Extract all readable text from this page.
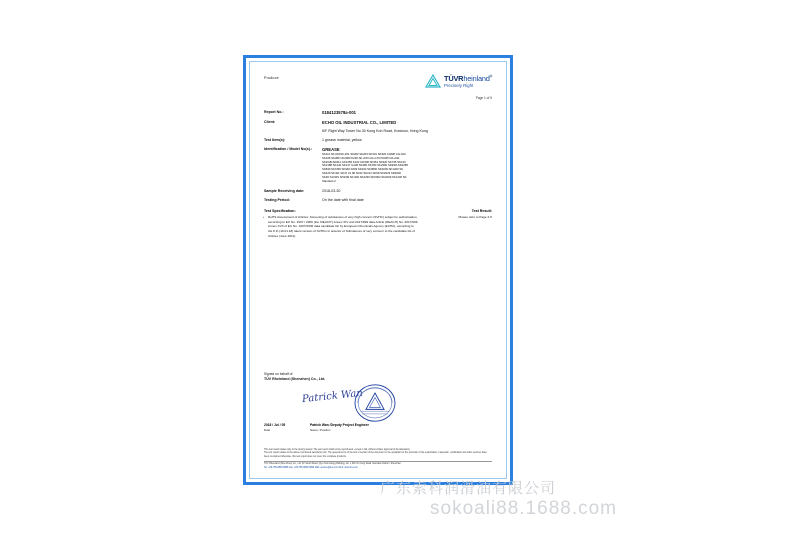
Produce	TÜVRheinland®
Precisely Right
Page 1 of 5
Report No.:	0184123578a-001
Client:	ECHO OIL INDUSTRIAL CO., LIMITED
6/F Right Way Tower No.30 Kong Koh Road, Kowloon, Hong Kong
Test Item(s):	1 grease material, yellow
Identification / Model No(s).:	GREASE
SK111 SK-016SK-201 SK202 SK203 SK301 SK320 CHMP CH-320
SK226 SK280 CK2000 K230 SK+150 GK+170 K0045 GK+611
SK2/181SK911 GK1255 K102 GK308 SK351 SK920 SK735 SK133
SK2188 SK140 SK147 G128 SK480 SK780 SK2360 SK9/9A SK2285
SK830 SK9 B9 SK940 K009 SK200 SK0800 SK2009 SK1200 SK
SK420 SK421 SK47 21 08 SK22 SK131 SK68 SK2033 SK6600
SK30 S1URS SK9/09 SK-900 SK2290 SK0002 SK2009 SK1200 SK
Standard 2
Sample Receiving date:	2018-03-30
Testing Period:	On the date with final date
Test Specification:	Test Result:
• RoHS Assessment of Articles: Screening of substances of very high concern (SVHC) subject to authorisation, according to EU No. 1907 / 2006 (the 'REACH') Annex XIV and 2017/999 data Article (REACH) No. 2017/999 Annex XVII of EC No. 1007/2006 data candidate list by European Chemicals Agency (ECHA), according to the 8 th (10.01.18) latest version of SVHCs in anterior of Substances of very concern to the candidate list of Articles (June 2011).
Please refer to Page 2-5
Signed on behalf of
TÜV Rheinland (Shenzhen) Co., Ltd.
Patrick Wan
2018 / Jul / 05
Date
Patrick Wan /Deputy Project Engineer
Name / Position
This test result relates only to the item(s) tested. The test report shall not be reproduced, except in full, without written approval of the laboratory.
The test report relates to the above mentioned sample(s) only. The general terms of the test in section of the document in the quotation for the provision of the examination, inspection, certification and other services have been mentioned otherwise, this test report does not cover the complete products.
TÜV Rheinland (Shenzhen) Co., Ltd. 4F South Road, Qiyu Technology Building, No. 1 Min Xin Kerg Road, Nanshan District, Shenzhen
Tel: +86-755-8828 8888 Fax: +86-755-8828 9999 Mail: service@tuv.com Web: www.tuv.com
广东索科润滑油有限公司
sokoali88.1688.com
